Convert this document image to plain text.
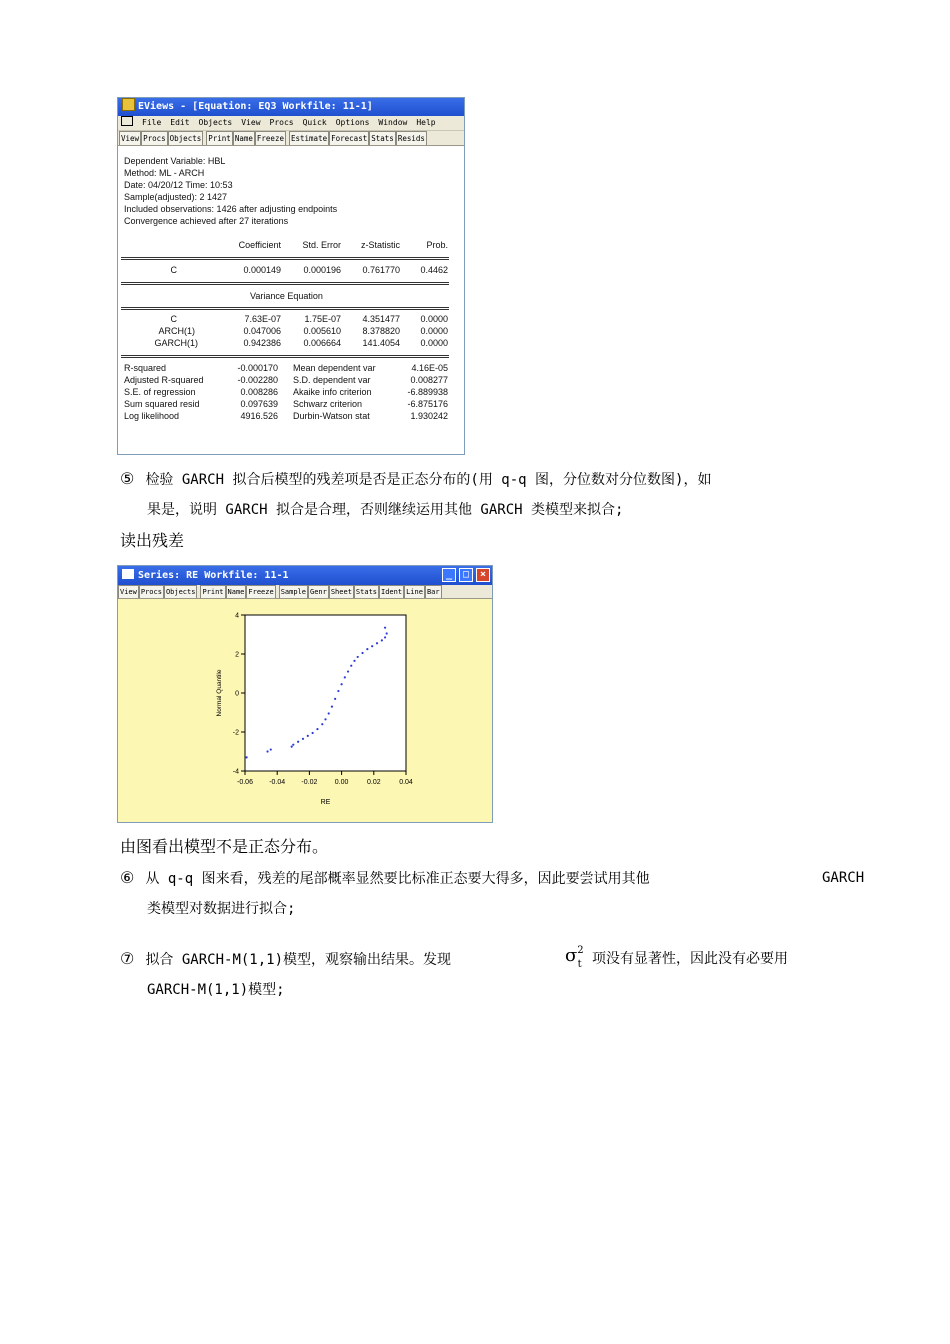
EViews - [Equation: EQ3 Workfile: 11-1]
File Edit Objects View Procs Quick Options Window Help
View Procs Objects Print Name Freeze Estimate Forecast Stats Resids
Dependent Variable: HBL
Method: ML - ARCH
Date: 04/20/12 Time: 10:53
Sample(adjusted): 2 1427
Included observations: 1426 after adjusting endpoints
Convergence achieved after 27 iterations
Coefficient Std. Error z-Statistic	Prob.
C	0.000149 0.000196 0.761770 0.4462
Variance Equation
C	7.63E-07	1.75E-07 4.351477 0.0000
ARCH(1)	0.047006 0.005610 8.378820 0.0000
GARCH(1)	0.942386 0.006664 141.4054 0.0000
R-squared	-0.000170 Mean dependent var	4.16E-05
Adjusted R-squared	-0.002280 S.D. dependent var	0.008277
S.E. of regression	0.008286 Akaike info criterion	-6.889938
Sum squared resid	0.097639 Schwarz criterion	-6.875176
Log likelihood	4916.526 Durbin-Watson stat	1.930242
⑤ 检验 GARCH 拟合后模型的残差项是否是正态分布的(用 q-q 图，分位数对分位数图)，如
果是，说明 GARCH 拟合是合理，否则继续运用其他 GARCH 类模型来拟合;
读出残差
Series: RE Workfile: 11-1	_	□	×
View Procs Objects Print Name Freeze Sample Genr Sheet Stats Ident Line Bar
4
2
0
-2
-4
-0.06 -0.04 -0.02 0.00	0.02	0.04
RE
Normal Quantile
由图看出模型不是正态分布。
⑥ 从 q-q 图来看，残差的尾部概率显然要比标准正态要大得多，因此要尝试用其他	GARCH
类模型对数据进行拟合;
⑦ 拟合 GARCH-M(1,1)模型，观察输出结果。发现	$\sigma^2_t$ 项没有显著性，因此没有必要用
GARCH-M(1,1)模型;
